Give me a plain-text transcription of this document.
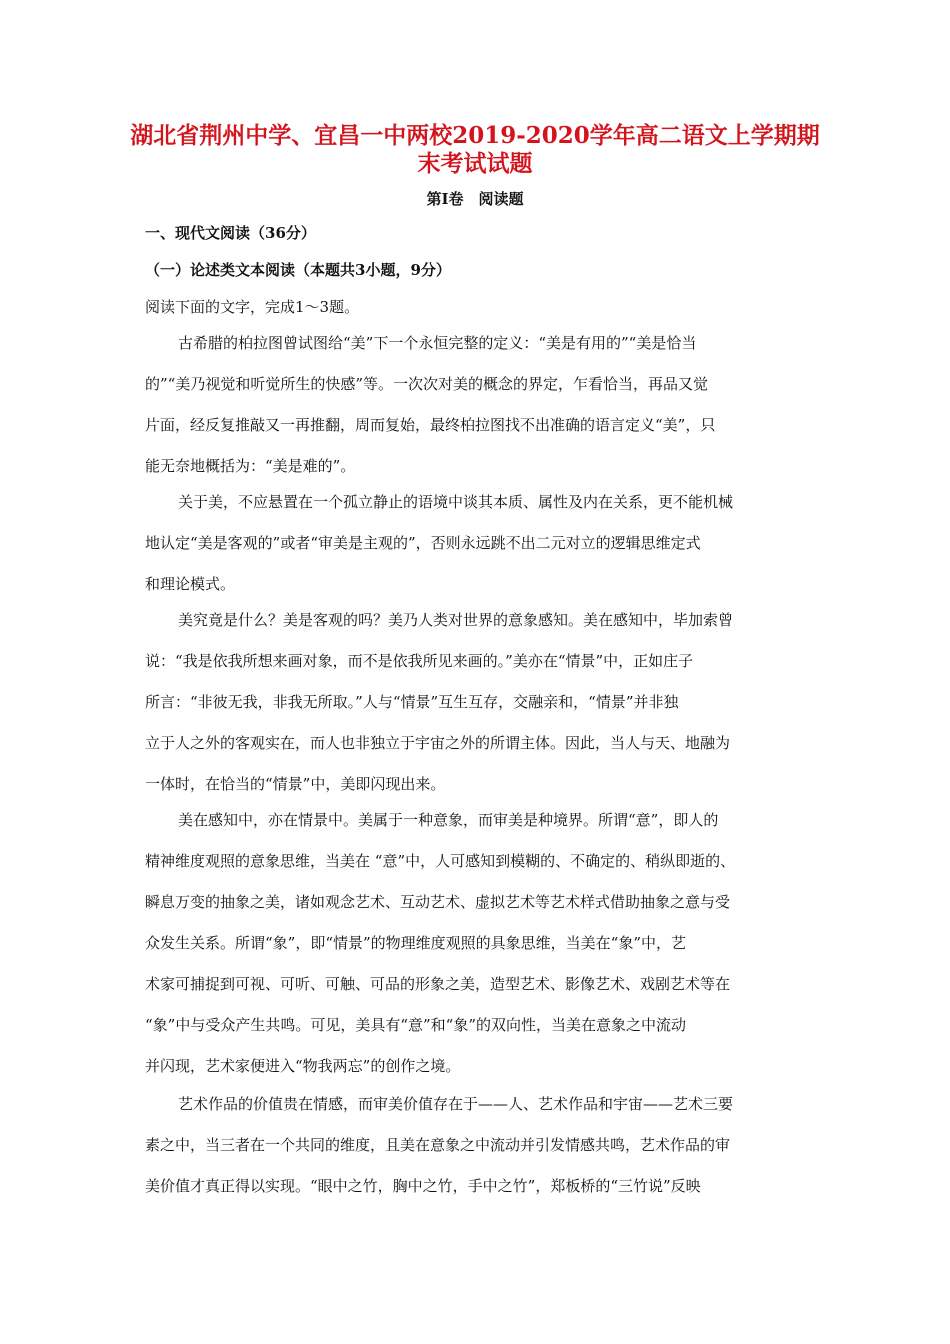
湖北省荆州中学、宜昌一中两校2019-2020学年高二语文上学期期
末考试试题
第Ⅰ卷　阅读题
一、现代文阅读（36分）
（一）论述类文本阅读（本题共3小题，9分）
阅读下面的文字，完成1～3题。
古希腊的柏拉图曾试图给“美”下一个永恒完整的定义：“美是有用的”“美是恰当
的”“美乃视觉和听觉所生的快感”等。一次次对美的概念的界定，乍看恰当，再品又觉
片面，经反复推敲又一再推翻，周而复始，最终柏拉图找不出准确的语言定义“美”，只
能无奈地概括为：“美是难的”。
关于美，不应悬置在一个孤立静止的语境中谈其本质、属性及内在关系，更不能机械
地认定“美是客观的”或者“审美是主观的”，否则永远跳不出二元对立的逻辑思维定式
和理论模式。
美究竟是什么？美是客观的吗？美乃人类对世界的意象感知。美在感知中，毕加索曾
说：“我是依我所想来画对象，而不是依我所见来画的。”美亦在“情景”中，正如庄子
所言：“非彼无我，非我无所取。”人与“情景”互生互存，交融亲和，“情景”并非独
立于人之外的客观实在，而人也非独立于宇宙之外的所谓主体。因此，当人与天、地融为
一体时，在恰当的“情景”中，美即闪现出来。
美在感知中，亦在情景中。美属于一种意象，而审美是种境界。所谓“意”，即人的
精神维度观照的意象思维，当美在 “意”中，人可感知到模糊的、不确定的、稍纵即逝的、
瞬息万变的抽象之美，诸如观念艺术、互动艺术、虚拟艺术等艺术样式借助抽象之意与受
众发生关系。所谓“象”，即“情景”的物理维度观照的具象思维，当美在“象”中，艺
术家可捕捉到可视、可听、可触、可品的形象之美，造型艺术、影像艺术、戏剧艺术等在
“象”中与受众产生共鸣。可见，美具有“意”和“象”的双向性，当美在意象之中流动
并闪现，艺术家便进入“物我两忘”的创作之境。
艺术作品的价值贵在情感，而审美价值存在于——人、艺术作品和宇宙——艺术三要
素之中，当三者在一个共同的维度，且美在意象之中流动并引发情感共鸣，艺术作品的审
美价值才真正得以实现。“眼中之竹，胸中之竹，手中之竹”，郑板桥的“三竹说”反映
